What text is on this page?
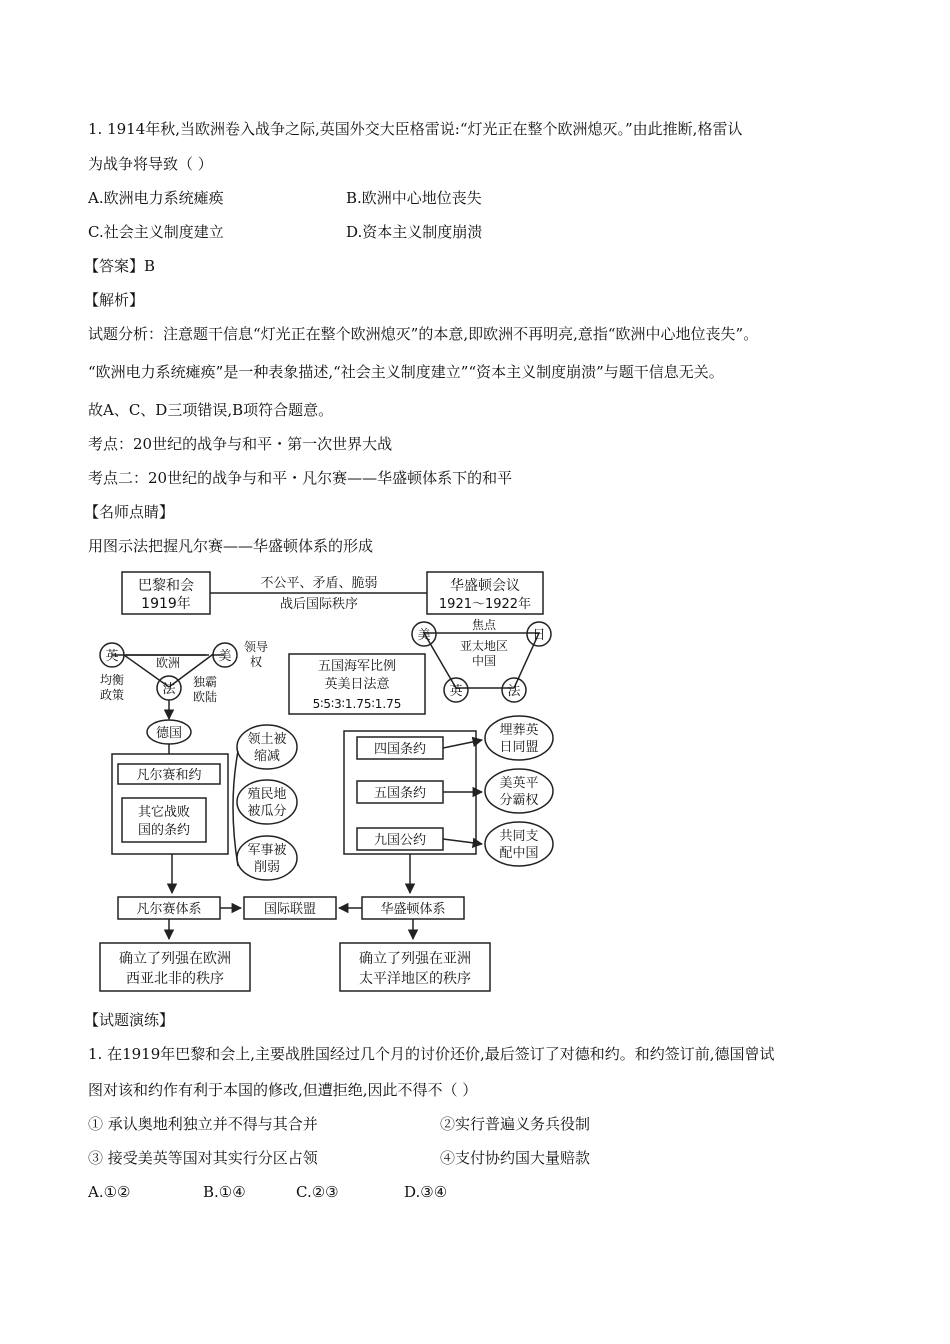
1. 1914年秋,当欧洲卷入战争之际,英国外交大臣格雷说:“灯光正在整个欧洲熄灭。”由此推断,格雷认
为战争将导致（ ）
A.欧洲电力系统瘫痪	B.欧洲中心地位丧失
C.社会主义制度建立	D.资本主义制度崩溃
【答案】B
【解析】
试题分析：注意题干信息“灯光正在整个欧洲熄灭”的本意,即欧洲不再明亮,意指“欧洲中心地位丧失”。
“欧洲电力系统瘫痪”是一种表象描述,“社会主义制度建立”“资本主义制度崩溃”与题干信息无关。
故A、C、D三项错误,B项符合题意。
考点：20世纪的战争与和平・第一次世界大战
考点二：20世纪的战争与和平・凡尔赛——华盛顿体系下的和平
【名师点睛】
用图示法把握凡尔赛——华盛顿体系的形成
巴黎和会
1919年
不公平、矛盾、脆弱
战后国际秩序
华盛顿会议
1921～1922年
英	美
法
欧洲
领导
权
均衡
政策
独霸
欧陆
德国
五国海军比例
英美日法意
5∶5∶3∶1.75∶1.75
美	日
英	法
焦点
亚太地区
中国
凡尔赛和约
其它战败
国的条约
领土被
缩减
殖民地
被瓜分
军事被
削弱
四国条约
五国条约
九国公约
埋葬英
日同盟
美英平
分霸权
共同支
配中国
凡尔赛体系	国际联盟	华盛顿体系
确立了列强在欧洲
西亚北非的秩序
确立了列强在亚洲
太平洋地区的秩序
【试题演练】
1. 在1919年巴黎和会上,主要战胜国经过几个月的讨价还价,最后签订了对德和约。和约签订前,德国曾试
图对该和约作有利于本国的修改,但遭拒绝,因此不得不（ ）
① 承认奥地利独立并不得与其合并	②实行普遍义务兵役制
③ 接受美英等国对其实行分区占领	④支付协约国大量赔款
A.①②	B.①④	C.②③	D.③④
